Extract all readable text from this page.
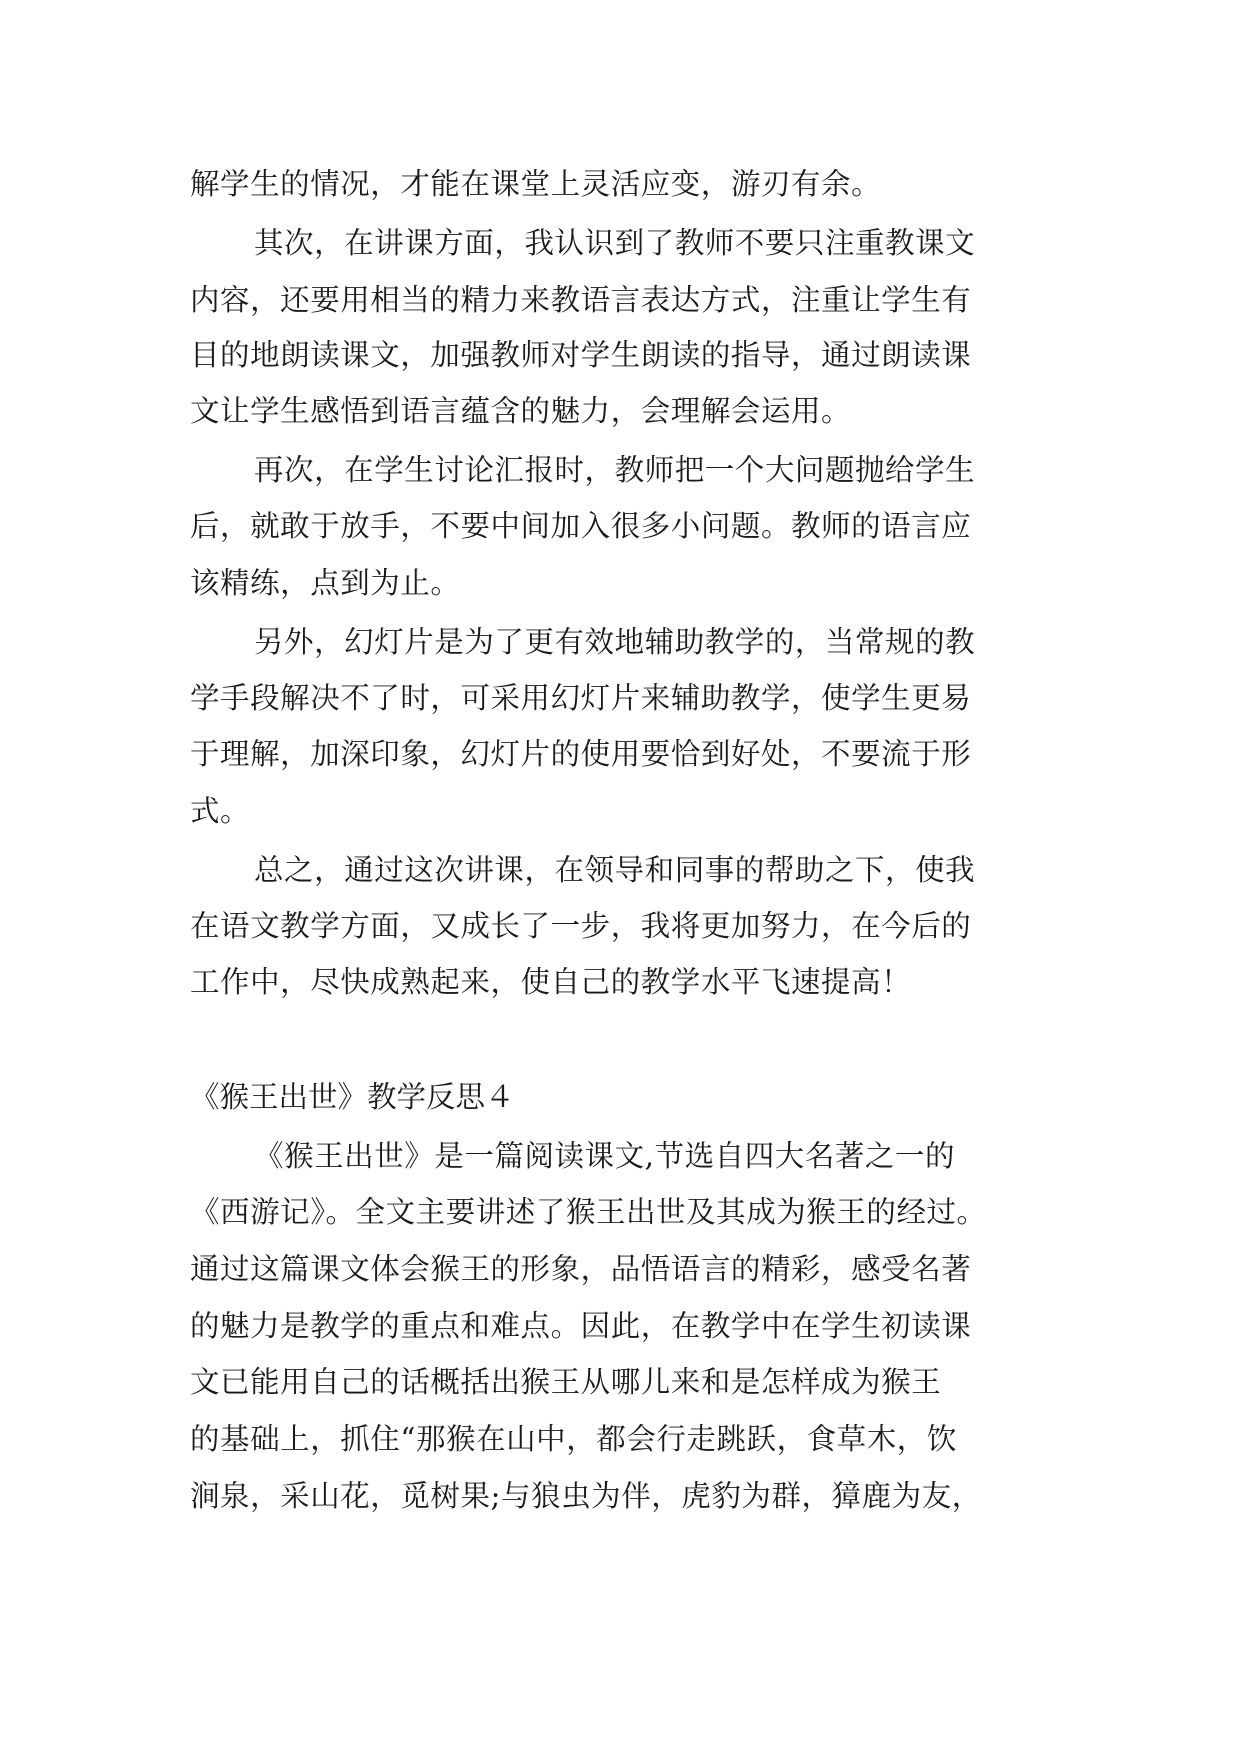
解学生的情况，才能在课堂上灵活应变，游刃有余。
其次，在讲课方面，我认识到了教师不要只注重教课文
内容，还要用相当的精力来教语言表达方式，注重让学生有
目的地朗读课文，加强教师对学生朗读的指导，通过朗读课
文让学生感悟到语言蕴含的魅力，会理解会运用。
再次，在学生讨论汇报时，教师把一个大问题抛给学生
后，就敢于放手，不要中间加入很多小问题。教师的语言应
该精练，点到为止。
另外，幻灯片是为了更有效地辅助教学的，当常规的教
学手段解决不了时，可采用幻灯片来辅助教学，使学生更易
于理解，加深印象，幻灯片的使用要恰到好处，不要流于形
式。
总之，通过这次讲课，在领导和同事的帮助之下，使我
在语文教学方面，又成长了一步，我将更加努力，在今后的
工作中，尽快成熟起来，使自己的教学水平飞速提高！
《猴王出世》教学反思４
《猴王出世》是一篇阅读课文,节选自四大名著之一的
《西游记》。全文主要讲述了猴王出世及其成为猴王的经过。
通过这篇课文体会猴王的形象，品悟语言的精彩，感受名著
的魅力是教学的重点和难点。因此，在教学中在学生初读课
文已能用自己的话概括出猴王从哪儿来和是怎样成为猴王
的基础上，抓住“那猴在山中，都会行走跳跃，食草木，饮
涧泉，采山花，觅树果;与狼虫为伴，虎豹为群，獐鹿为友，
